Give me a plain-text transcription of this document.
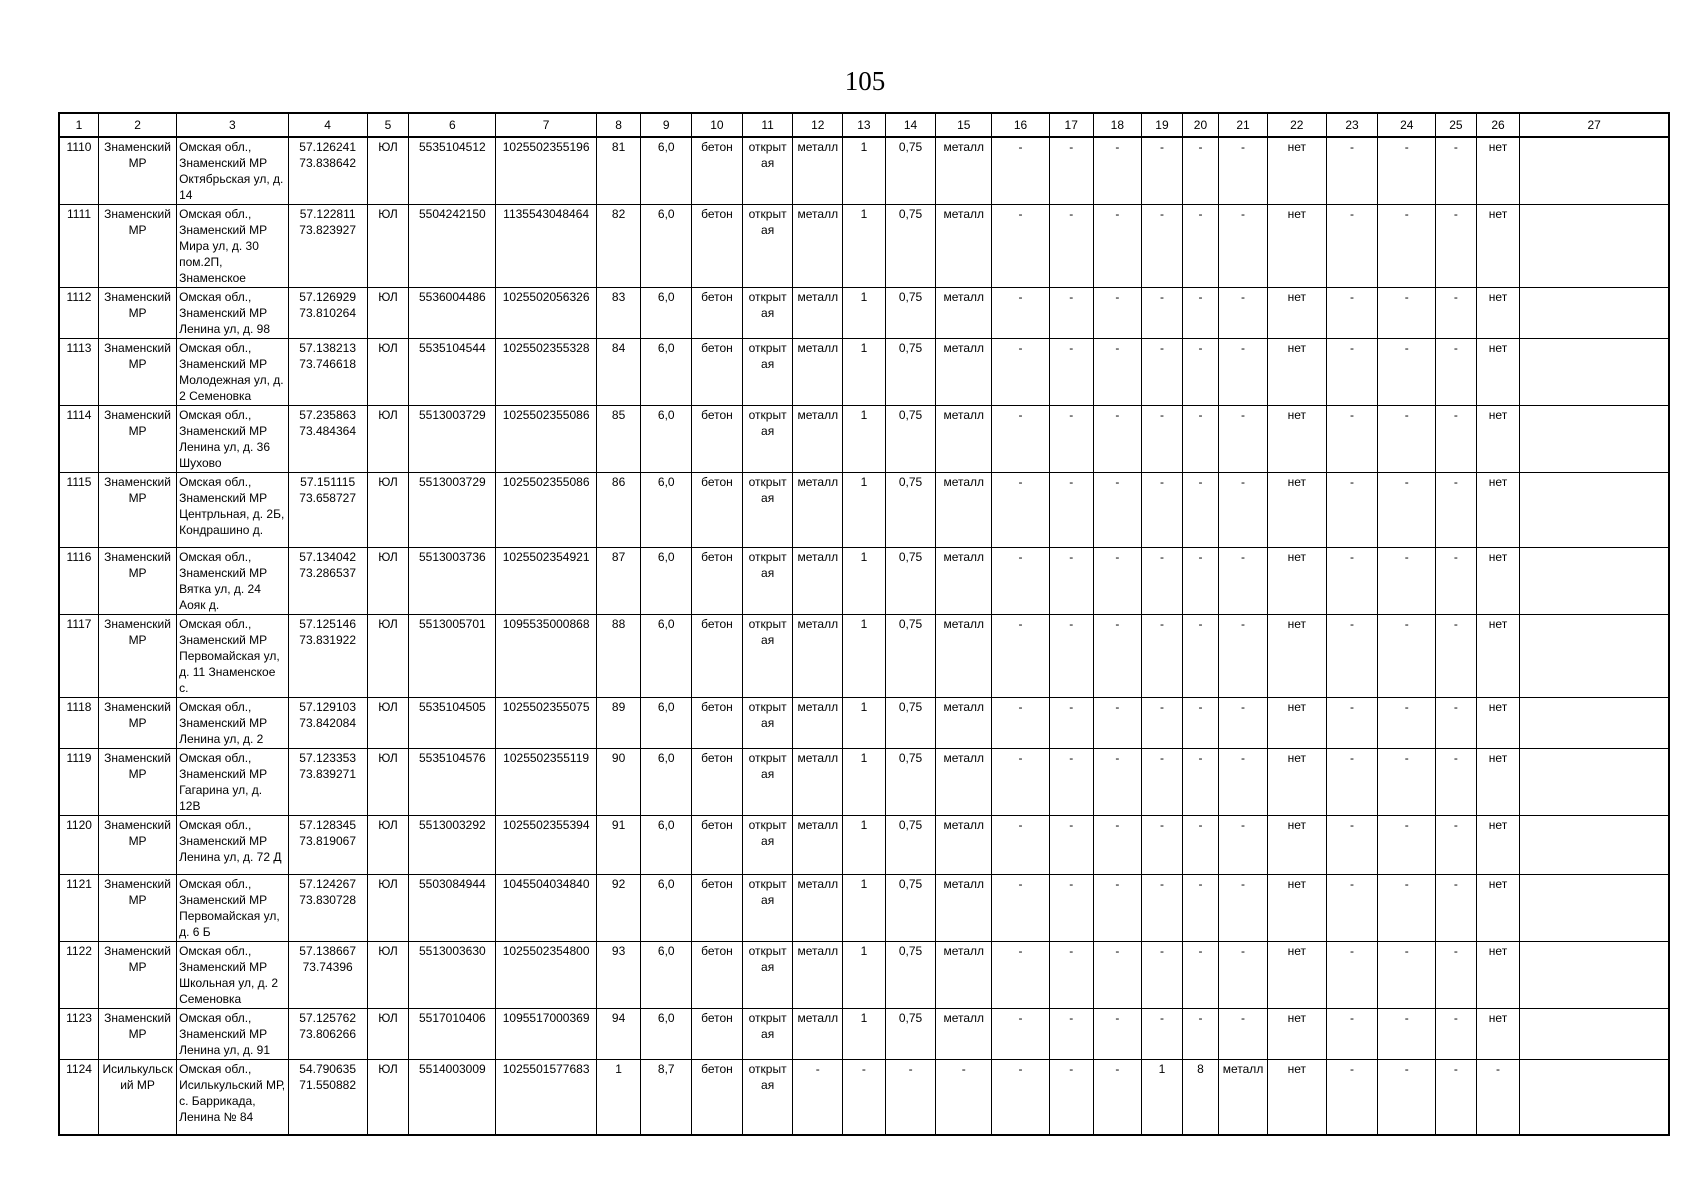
105
1	2	3	4	5	6	7	8	9	10	11	12	13	14	15	16	17	18	19	20	21	22	23	24	25	26	27
1110	Знаменский МР	Омская обл., Знаменский МР Октябрьская ул, д. 14	57.126241 73.838642	ЮЛ	5535104512	1025502355196	81	6,0	бетон	открыт ая	металл	1	0,75	металл	-	-	-	-	-	-	нет	-	-	-	нет	
1111	Знаменский МР	Омская обл., Знаменский МР Мира ул, д. 30 пом.2П, Знаменское	57.122811 73.823927	ЮЛ	5504242150	1135543048464	82	6,0	бетон	открыт ая	металл	1	0,75	металл	-	-	-	-	-	-	нет	-	-	-	нет	
1112	Знаменский МР	Омская обл., Знаменский МР Ленина ул, д. 98	57.126929 73.810264	ЮЛ	5536004486	1025502056326	83	6,0	бетон	открыт ая	металл	1	0,75	металл	-	-	-	-	-	-	нет	-	-	-	нет	
1113	Знаменский МР	Омская обл., Знаменский МР Молодежная ул, д. 2 Семеновка	57.138213 73.746618	ЮЛ	5535104544	1025502355328	84	6,0	бетон	открыт ая	металл	1	0,75	металл	-	-	-	-	-	-	нет	-	-	-	нет	
1114	Знаменский МР	Омская обл., Знаменский МР Ленина ул, д. 36 Шухово	57.235863 73.484364	ЮЛ	5513003729	1025502355086	85	6,0	бетон	открыт ая	металл	1	0,75	металл	-	-	-	-	-	-	нет	-	-	-	нет	
1115	Знаменский МР	Омская обл., Знаменский МР Центрльная, д. 2Б, Кондрашино д.	57.151115 73.658727	ЮЛ	5513003729	1025502355086	86	6,0	бетон	открыт ая	металл	1	0,75	металл	-	-	-	-	-	-	нет	-	-	-	нет	
1116	Знаменский МР	Омская обл., Знаменский МР Вятка ул, д. 24 Аояк д.	57.134042 73.286537	ЮЛ	5513003736	1025502354921	87	6,0	бетон	открыт ая	металл	1	0,75	металл	-	-	-	-	-	-	нет	-	-	-	нет	
1117	Знаменский МР	Омская обл., Знаменский МР Первомайская ул, д. 11 Знаменское с.	57.125146 73.831922	ЮЛ	5513005701	1095535000868	88	6,0	бетон	открыт ая	металл	1	0,75	металл	-	-	-	-	-	-	нет	-	-	-	нет	
1118	Знаменский МР	Омская обл., Знаменский МР Ленина ул, д. 2	57.129103 73.842084	ЮЛ	5535104505	1025502355075	89	6,0	бетон	открыт ая	металл	1	0,75	металл	-	-	-	-	-	-	нет	-	-	-	нет	
1119	Знаменский МР	Омская обл., Знаменский МР Гагарина ул, д. 12В	57.123353 73.839271	ЮЛ	5535104576	1025502355119	90	6,0	бетон	открыт ая	металл	1	0,75	металл	-	-	-	-	-	-	нет	-	-	-	нет	
1120	Знаменский МР	Омская обл., Знаменский МР Ленина ул, д. 72 Д	57.128345 73.819067	ЮЛ	5513003292	1025502355394	91	6,0	бетон	открыт ая	металл	1	0,75	металл	-	-	-	-	-	-	нет	-	-	-	нет	
1121	Знаменский МР	Омская обл., Знаменский МР Первомайская ул, д. 6 Б	57.124267 73.830728	ЮЛ	5503084944	1045504034840	92	6,0	бетон	открыт ая	металл	1	0,75	металл	-	-	-	-	-	-	нет	-	-	-	нет	
1122	Знаменский МР	Омская обл., Знаменский МР Школьная ул, д. 2 Семеновка	57.138667 73.74396	ЮЛ	5513003630	1025502354800	93	6,0	бетон	открыт ая	металл	1	0,75	металл	-	-	-	-	-	-	нет	-	-	-	нет	
1123	Знаменский МР	Омская обл., Знаменский МР Ленина ул, д. 91	57.125762 73.806266	ЮЛ	5517010406	1095517000369	94	6,0	бетон	открыт ая	металл	1	0,75	металл	-	-	-	-	-	-	нет	-	-	-	нет	
1124	Исилькульск ий МР	Омская обл., Исилькульский МР, с. Баррикада, Ленина № 84	54.790635 71.550882	ЮЛ	5514003009	1025501577683	1	8,7	бетон	открыт ая	-	-	-	-	-	-	-	1	8	металл	нет	-	-	-	-	
